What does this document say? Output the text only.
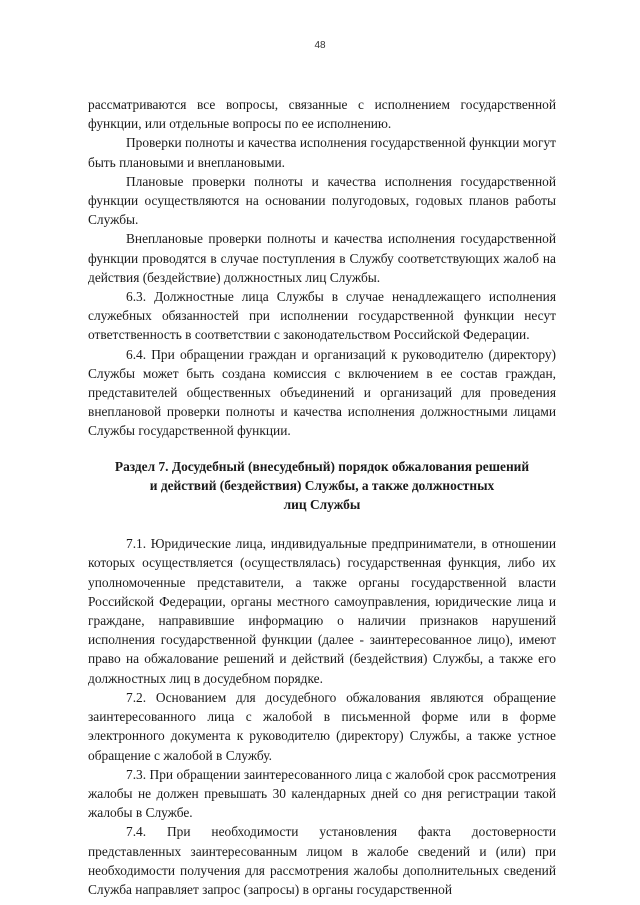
48

рассматриваются все вопросы, связанные с исполнением государственной функции, или отдельные вопросы по ее исполнению.

Проверки полноты и качества исполнения государственной функции могут быть плановыми и внеплановыми.

Плановые проверки полноты и качества исполнения государственной функции осуществляются на основании полугодовых, годовых планов работы Службы.

Внеплановые проверки полноты и качества исполнения государственной функции проводятся в случае поступления в Службу соответствующих жалоб на действия (бездействие) должностных лиц Службы.

6.3. Должностные лица Службы в случае ненадлежащего исполнения служебных обязанностей при исполнении государственной функции несут ответственность в соответствии с законодательством Российской Федерации.

6.4. При обращении граждан и организаций к руководителю (директору) Службы может быть создана комиссия с включением в ее состав граждан, представителей общественных объединений и организаций для проведения внеплановой проверки полноты и качества исполнения должностными лицами Службы государственной функции.

Раздел 7. Досудебный (внесудебный) порядок обжалования решений
и действий (бездействия) Службы, а также должностных
лиц Службы

7.1. Юридические лица, индивидуальные предприниматели, в отношении которых осуществляется (осуществлялась) государственная функция, либо их уполномоченные представители, а также органы государственной власти Российской Федерации, органы местного самоуправления, юридические лица и граждане, направившие информацию о наличии признаков нарушений исполнения государственной функции (далее - заинтересованное лицо), имеют право на обжалование решений и действий (бездействия) Службы, а также его должностных лиц в досудебном порядке.

7.2. Основанием для досудебного обжалования являются обращение заинтересованного лица с жалобой в письменной форме или в форме электронного документа к руководителю (директору) Службы, а также устное обращение с жалобой в Службу.

7.3. При обращении заинтересованного лица с жалобой срок рассмотрения жалобы не должен превышать 30 календарных дней со дня регистрации такой жалобы в Службе.

7.4. При необходимости установления факта достоверности представленных заинтересованным лицом в жалобе сведений и (или) при необходимости получения для рассмотрения жалобы дополнительных сведений Служба направляет запрос (запросы) в органы государственной
